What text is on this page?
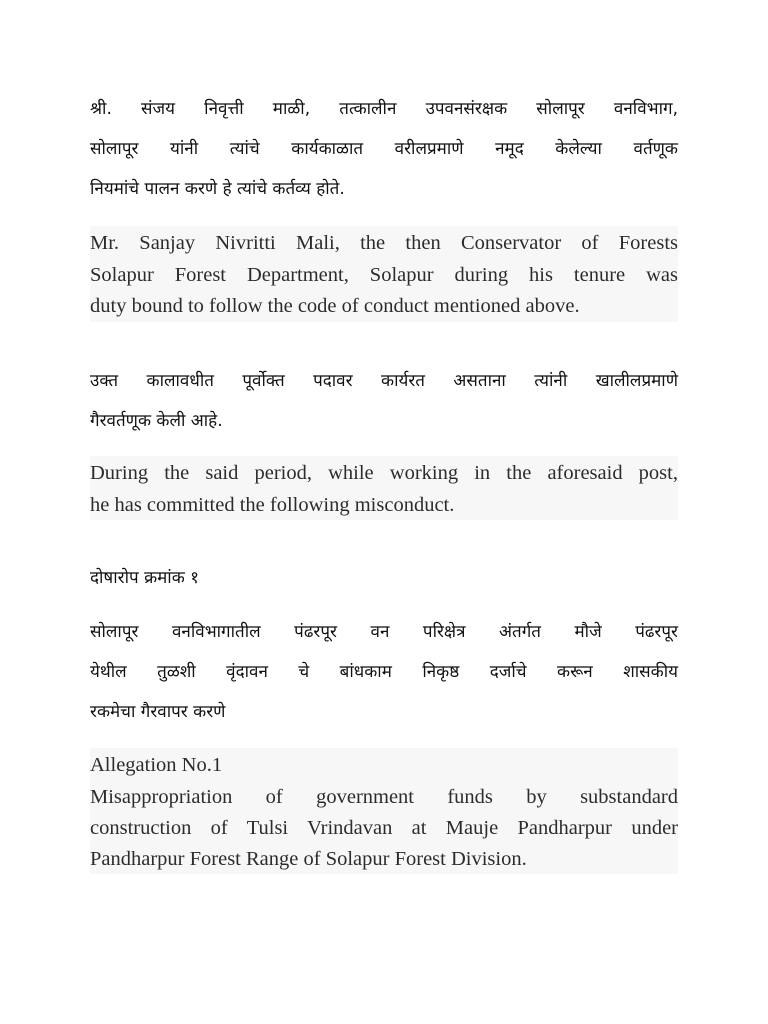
श्री. संजय निवृत्ती माळी, तत्कालीन उपवनसंरक्षक सोलापूर वनविभाग,
सोलापूर यांनी त्यांचे कार्यकाळात वरीलप्रमाणे नमूद केलेल्या वर्तणूक
नियमांचे पालन करणे हे त्यांचे कर्तव्य होते.
Mr. Sanjay Nivritti Mali, the then Conservator of Forests
Solapur Forest Department, Solapur during his tenure was
duty bound to follow the code of conduct mentioned above.
उक्त कालावधीत पूर्वोक्त पदावर कार्यरत असताना त्यांनी खालीलप्रमाणे
गैरवर्तणूक केली आहे.
During the said period, while working in the aforesaid post,
he has committed the following misconduct.
दोषारोप क्रमांक १
सोलापूर वनविभागातील पंढरपूर वन परिक्षेत्र अंतर्गत मौजे पंढरपूर
येथील तुळशी वृंदावन चे बांधकाम निकृष्ठ दर्जाचे करून शासकीय
रकमेचा गैरवापर करणे
Allegation No.1
Misappropriation of government funds by substandard
construction of Tulsi Vrindavan at Mauje Pandharpur under
Pandharpur Forest Range of Solapur Forest Division.
